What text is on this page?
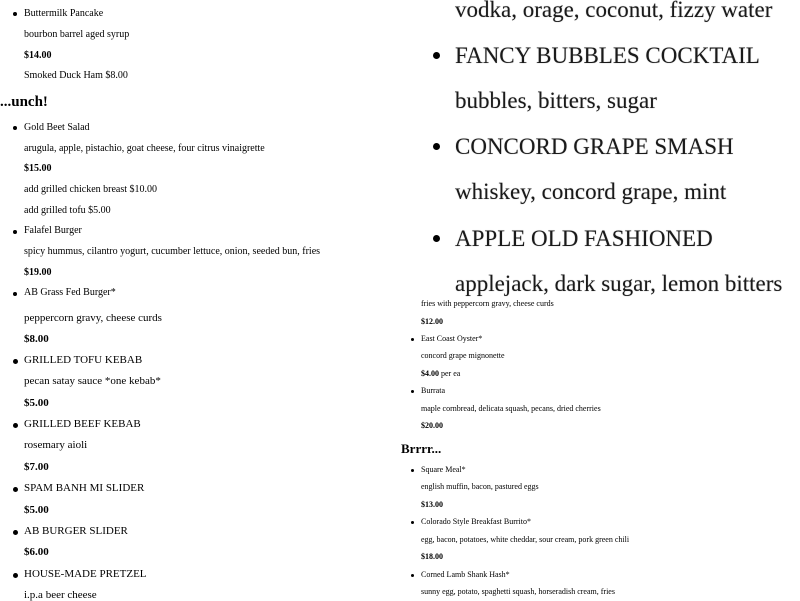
Buttermilk Pancake
bourbon barrel aged syrup
$14.00
Smoked Duck Ham $8.00
...unch!
Gold Beet Salad
arugula, apple, pistachio, goat cheese, four citrus vinaigrette
$15.00
add grilled chicken breast $10.00
add grilled tofu $5.00
Falafel Burger
spicy hummus, cilantro yogurt, cucumber lettuce, onion, seeded bun, fries
$19.00
AB Grass Fed Burger*
peppercorn gravy, cheese curds
$8.00
GRILLED TOFU KEBAB
pecan satay sauce *one kebab*
$5.00
GRILLED BEEF KEBAB
rosemary aioli
$7.00
SPAM BANH MI SLIDER
$5.00
AB BURGER SLIDER
$6.00
HOUSE-MADE PRETZEL
i.p.a beer cheese
vodka, orage, coconut, fizzy water
FANCY BUBBLES COCKTAIL
bubbles, bitters, sugar
CONCORD GRAPE SMASH
whiskey, concord grape, mint
APPLE OLD FASHIONED
applejack, dark sugar, lemon bitters
fries with peppercorn gravy, cheese curds
$12.00
East Coast Oyster*
concord grape mignonette
$4.00 per ea
Burrata
maple cornbread, delicata squash, pecans, dried cherries
$20.00
Brrrr...
Square Meal*
english muffin, bacon, pastured eggs
$13.00
Colorado Style Breakfast Burrito*
egg, bacon, potatoes, white cheddar, sour cream, pork green chili
$18.00
Corned Lamb Shank Hash*
sunny egg, potato, spaghetti squash, horseradish cream, fries
